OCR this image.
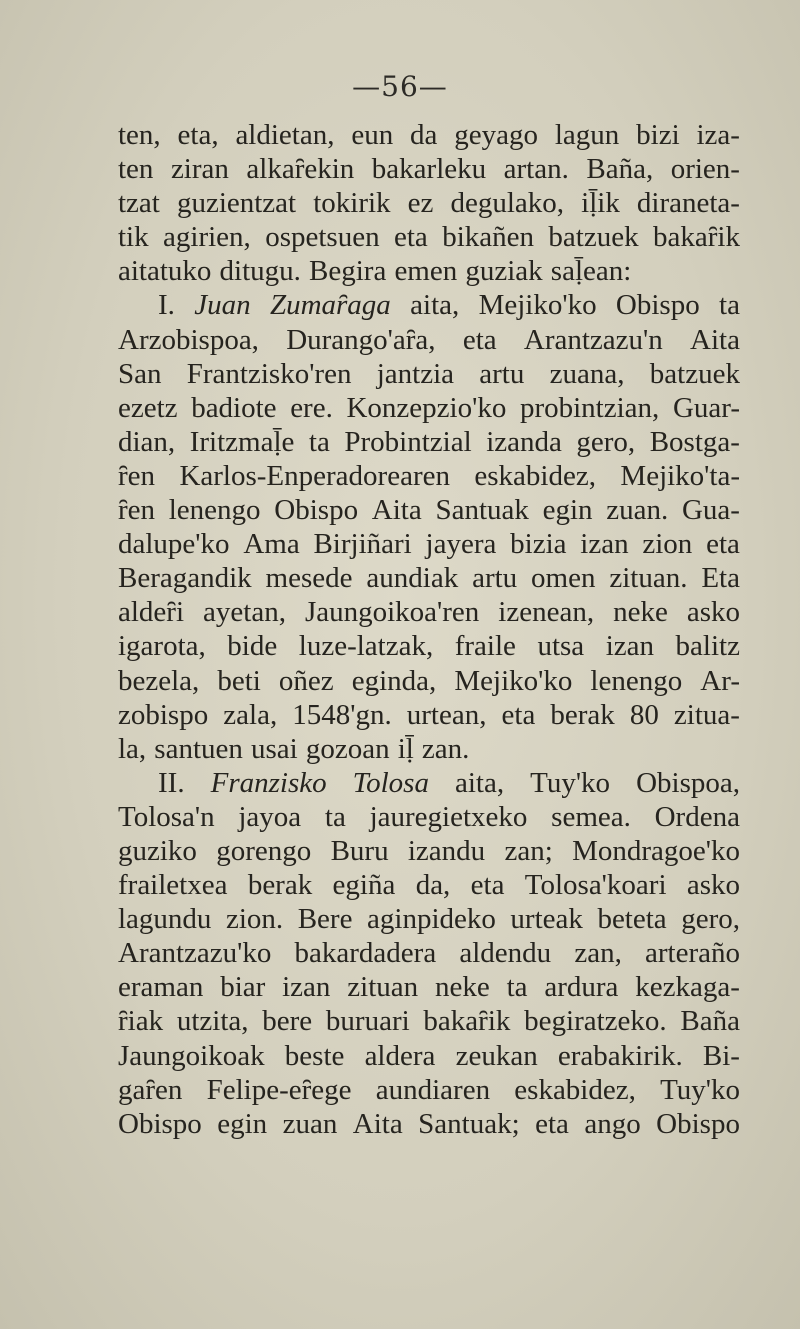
—56—
ten, eta, aldietan, eun da geyago lagun bizi iza-
ten ziran alkaȓekin bakarleku artan. Baña, orien-
tzat guzientzat tokirik ez degulako, iḹik diraneta-
tik agirien, ospetsuen eta bikañen batzuek bakaȓik
aitatuko ditugu. Begira emen guziak saḹean:
I. Juan Zumaȓaga aita, Mejiko'ko Obispo ta
Arzobispoa, Durango'aȓa, eta Arantzazu'n Aita
San Frantzisko'ren jantzia artu zuana, batzuek
ezetz badiote ere. Konzepzio'ko probintzian, Guar-
dian, Iritzmaḹe ta Probintzial izanda gero, Bostga-
ȓen Karlos-Enperadorearen eskabidez, Mejiko'ta-
ȓen lenengo Obispo Aita Santuak egin zuan. Gua-
dalupe'ko Ama Birjiñari jayera bizia izan zion eta
Beragandik mesede aundiak artu omen zituan. Eta
aldeȓi ayetan, Jaungoikoa'ren izenean, neke asko
igarota, bide luze-latzak, fraile utsa izan balitz
bezela, beti oñez eginda, Mejiko'ko lenengo Ar-
zobispo zala, 1548'gn. urtean, eta berak 80 zitua-
la, santuen usai gozoan iḹ zan.
II. Franzisko Tolosa aita, Tuy'ko Obispoa,
Tolosa'n jayoa ta jauregietxeko semea. Ordena
guziko gorengo Buru izandu zan; Mondragoe'ko
frailetxea berak egiña da, eta Tolosa'koari asko
lagundu zion. Bere aginpideko urteak beteta gero,
Arantzazu'ko bakardadera aldendu zan, arteraño
eraman biar izan zituan neke ta ardura kezkaga-
ȓiak utzita, bere buruari bakaȓik begiratzeko. Baña
Jaungoikoak beste aldera zeukan erabakirik. Bi-
gaȓen Felipe-eȓege aundiaren eskabidez, Tuy'ko
Obispo egin zuan Aita Santuak; eta ango Obispo
